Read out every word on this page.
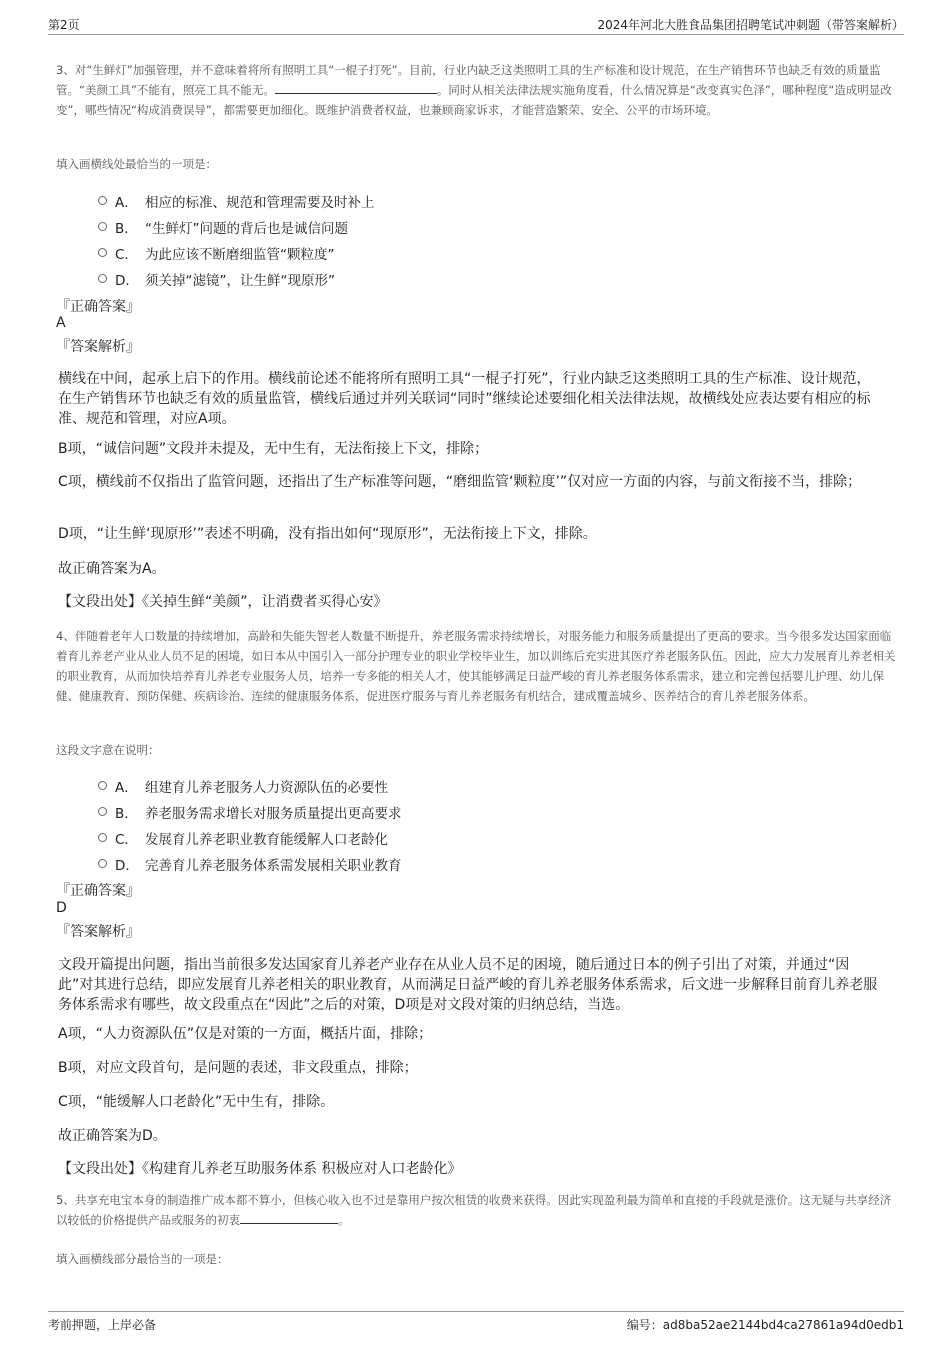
第2页	2024年河北大胜食品集团招聘笔试冲刺题（带答案解析）
3、对“生鲜灯”加强管理，并不意味着将所有照明工具“一棍子打死”。目前，行业内缺乏这类照明工具的生产标准和设计规范，在生产销售环节也缺乏有效的质量监管。“美颜工具”不能有，照亮工具不能无。	。同时从相关法律法规实施角度看，什么情况算是“改变真实色泽”，哪种程度“造成明显改变”，哪些情况“构成消费误导”，都需要更加细化。既维护消费者权益，也兼顾商家诉求，才能营造繁荣、安全、公平的市场环境。
填入画横线处最恰当的一项是：
A． 相应的标准、规范和管理需要及时补上
B． “生鲜灯”问题的背后也是诚信问题
C． 为此应该不断磨细监管“颗粒度”
D． 须关掉“滤镜”，让生鲜“现原形”
『正确答案』
A
『答案解析』
横线在中间，起承上启下的作用。横线前论述不能将所有照明工具“一棍子打死”，行业内缺乏这类照明工具的生产标准、设计规范，在生产销售环节也缺乏有效的质量监管，横线后通过并列关联词“同时”继续论述要细化相关法律法规，故横线处应表达要有相应的标准、规范和管理，对应A项。
B项，“诚信问题”文段并未提及，无中生有，无法衔接上下文，排除；
C项，横线前不仅指出了监管问题，还指出了生产标准等问题，“磨细监管‘颗粒度’”仅对应一方面的内容，与前文衔接不当，排除；
D项，“让生鲜‘现原形’”表述不明确，没有指出如何“现原形”，无法衔接上下文，排除。
故正确答案为A。
【文段出处】《关掉生鲜“美颜”，让消费者买得心安》
4、伴随着老年人口数量的持续增加，高龄和失能失智老人数量不断提升，养老服务需求持续增长，对服务能力和服务质量提出了更高的要求。当今很多发达国家面临着育儿养老产业从业人员不足的困境，如日本从中国引入一部分护理专业的职业学校毕业生，加以训练后充实进其医疗养老服务队伍。因此，应大力发展育儿养老相关的职业教育，从而加快培养育儿养老专业服务人员，培养一专多能的相关人才，使其能够满足日益严峻的育儿养老服务体系需求，建立和完善包括婴儿护理、幼儿保健、健康教育、预防保健、疾病诊治、连续的健康服务体系，促进医疗服务与育儿养老服务有机结合，建成覆盖城乡、医养结合的育儿养老服务体系。
这段文字意在说明：
A． 组建育儿养老服务人力资源队伍的必要性
B． 养老服务需求增长对服务质量提出更高要求
C． 发展育儿养老职业教育能缓解人口老龄化
D． 完善育儿养老服务体系需发展相关职业教育
『正确答案』
D
『答案解析』
文段开篇提出问题，指出当前很多发达国家育儿养老产业存在从业人员不足的困境，随后通过日本的例子引出了对策，并通过“因此”对其进行总结，即应发展育儿养老相关的职业教育，从而满足日益严峻的育儿养老服务体系需求，后文进一步解释目前育儿养老服务体系需求有哪些，故文段重点在“因此”之后的对策，D项是对文段对策的归纳总结，当选。
A项，“人力资源队伍”仅是对策的一方面，概括片面，排除；
B项，对应文段首句，是问题的表述，非文段重点，排除；
C项，“能缓解人口老龄化”无中生有，排除。
故正确答案为D。
【文段出处】《构建育儿养老互助服务体系 积极应对人口老龄化》
5、共享充电宝本身的制造推广成本都不算小，但核心收入也不过是靠用户按次租赁的收费来获得。因此实现盈利最为简单和直接的手段就是涨价。这无疑与共享经济以较低的价格提供产品或服务的初衷	。
填入画横线部分最恰当的一项是：
考前押题，上岸必备	编号：ad8ba52ae2144bd4ca27861a94d0edb1
